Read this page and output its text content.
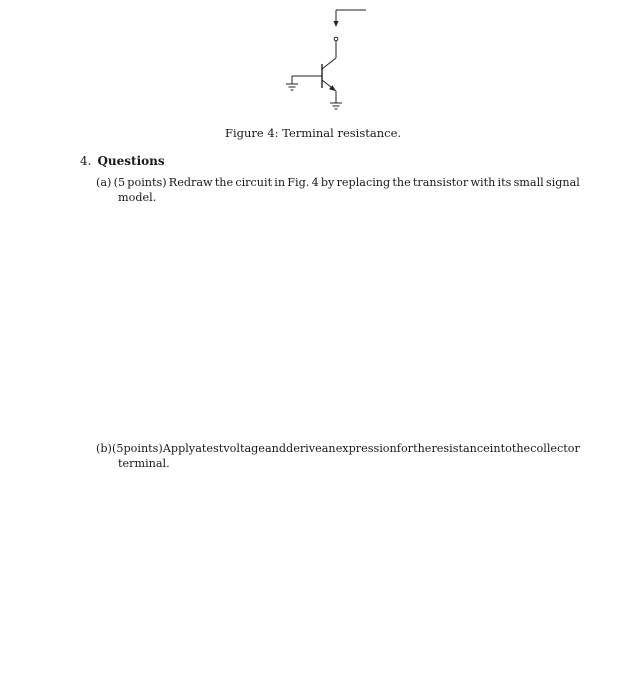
Figure 4: Terminal resistance.
4. Questions
(a) (5 points) Redraw the circuit in Fig. 4 by replacing the transistor with its small signal
model.
(b) (5 points) Apply a test voltage and derive an expression for the resistance into the collector
terminal.
